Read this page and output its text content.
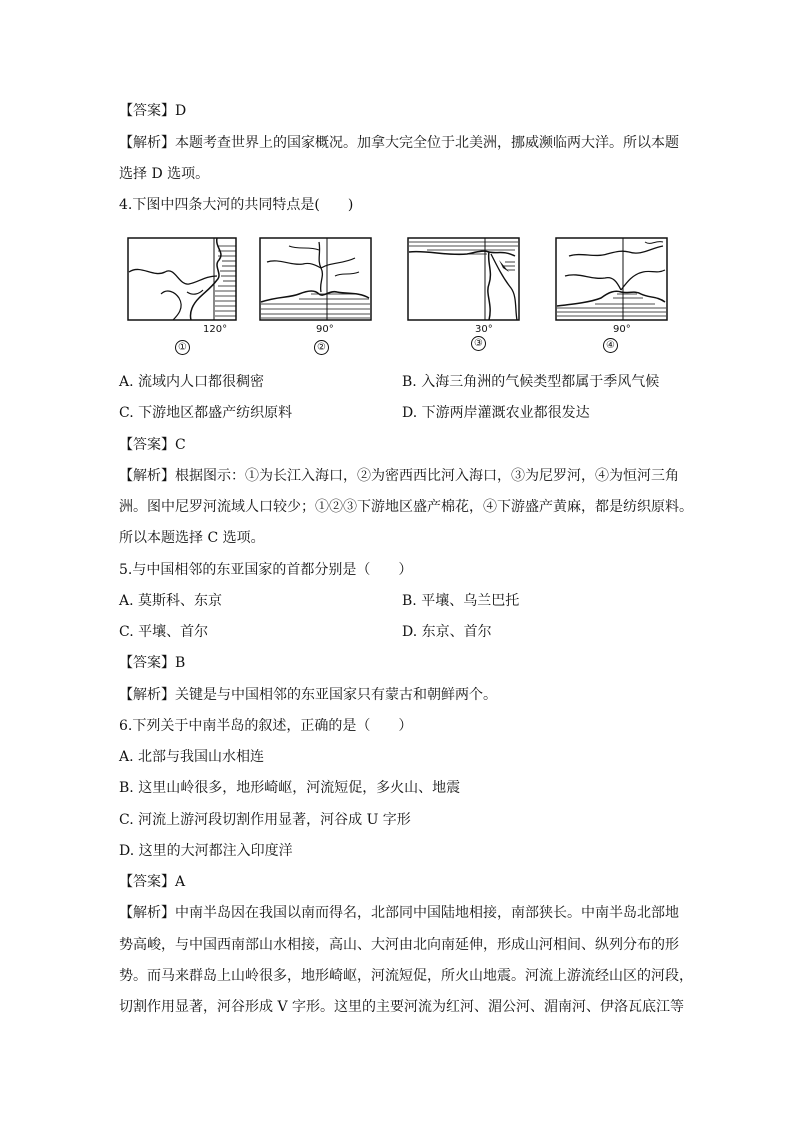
【答案】D
【解析】本题考查世界上的国家概况。加拿大完全位于北美洲，挪威濒临两大洋。所以本题
选择 D 选项。
4.下图中四条大河的共同特点是(　　)
120°
①
90°
②
30°
③
90°
④
A. 流域内人口都很稠密	B. 入海三角洲的气候类型都属于季风气候
C. 下游地区都盛产纺织原料	D. 下游两岸灌溉农业都很发达
【答案】C
【解析】根据图示：①为长江入海口，②为密西西比河入海口，③为尼罗河，④为恒河三角
洲。图中尼罗河流域人口较少；①②③下游地区盛产棉花，④下游盛产黄麻，都是纺织原料。
所以本题选择 C 选项。
5.与中国相邻的东亚国家的首都分别是（　　）
A. 莫斯科、东京	B. 平壤、乌兰巴托
C. 平壤、首尔	D. 东京、首尔
【答案】B
【解析】关键是与中国相邻的东亚国家只有蒙古和朝鲜两个。
6.下列关于中南半岛的叙述，正确的是（　　）
A. 北部与我国山水相连
B. 这里山岭很多，地形崎岖，河流短促，多火山、地震
C. 河流上游河段切割作用显著，河谷成 U 字形
D. 这里的大河都注入印度洋
【答案】A
【解析】中南半岛因在我国以南而得名，北部同中国陆地相接，南部狭长。中南半岛北部地
势高峻，与中国西南部山水相接，高山、大河由北向南延伸，形成山河相间、纵列分布的形
势。而马来群岛上山岭很多，地形崎岖，河流短促，所火山地震。河流上游流经山区的河段，
切割作用显著，河谷形成 V 字形。这里的主要河流为红河、湄公河、湄南河、伊洛瓦底江等
